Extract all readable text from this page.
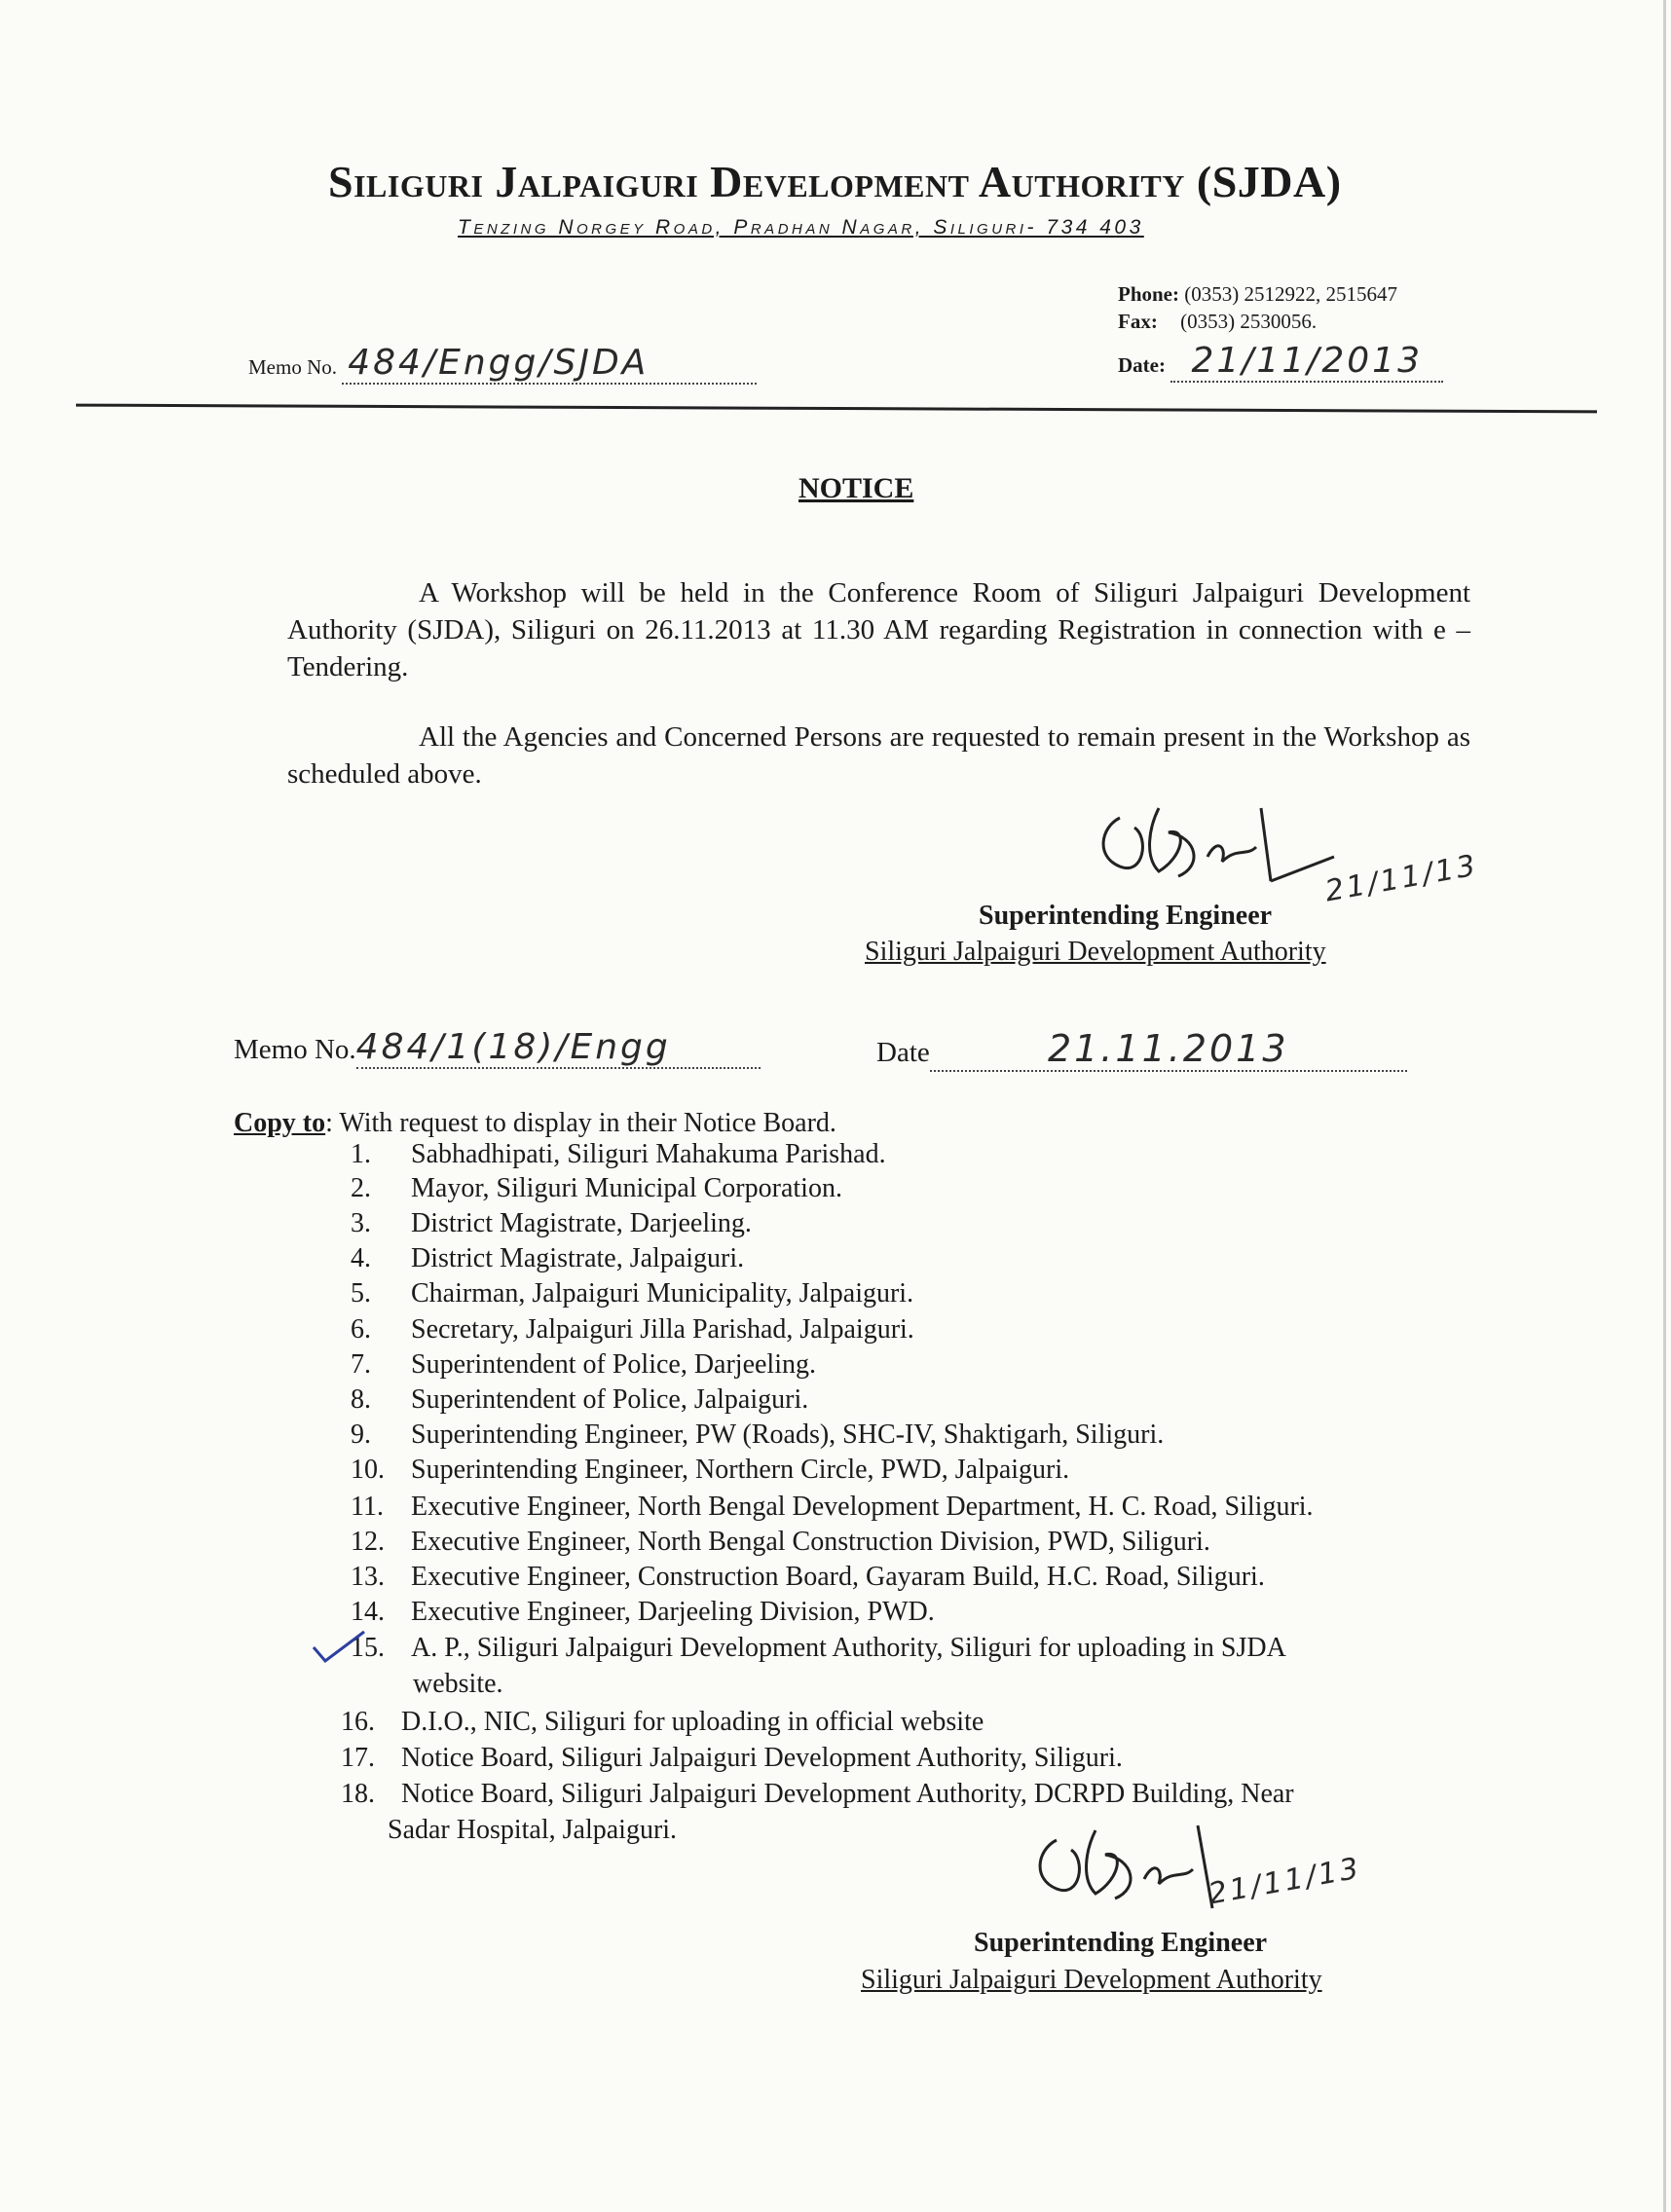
Siliguri Jalpaiguri Development Authority (SJDA)
Tenzing Norgey Road, Pradhan Nagar, Siliguri- 734 403
Phone: (0353) 2512922, 2515647
Fax: (0353) 2530056.
Memo No. 484/Engg/SJDA	Date: 21/11/2013
NOTICE
A Workshop will be held in the Conference Room of Siliguri Jalpaiguri Development Authority (SJDA), Siliguri on 26.11.2013 at 11.30 AM regarding Registration in connection with e – Tendering.
All the Agencies and Concerned Persons are requested to remain present in the Workshop as scheduled above.
21/11/13
Superintending Engineer
Siliguri Jalpaiguri Development Authority
Memo No.484/1(18)/Engg	Date	21.11.2013
Copy to: With request to display in their Notice Board.
1. Sabhadhipati, Siliguri Mahakuma Parishad.
2. Mayor, Siliguri Municipal Corporation.
3. District Magistrate, Darjeeling.
4. District Magistrate, Jalpaiguri.
5. Chairman, Jalpaiguri Municipality, Jalpaiguri.
6. Secretary, Jalpaiguri Jilla Parishad, Jalpaiguri.
7. Superintendent of Police, Darjeeling.
8. Superintendent of Police, Jalpaiguri.
9. Superintending Engineer, PW (Roads), SHC-IV, Shaktigarh, Siliguri.
10. Superintending Engineer, Northern Circle, PWD, Jalpaiguri.
11. Executive Engineer, North Bengal Development Department, H. C. Road, Siliguri.
12. Executive Engineer, North Bengal Construction Division, PWD, Siliguri.
13. Executive Engineer, Construction Board, Gayaram Build, H.C. Road, Siliguri.
14. Executive Engineer, Darjeeling Division, PWD.
15. A. P., Siliguri Jalpaiguri Development Authority, Siliguri for uploading in SJDA
website.
16. D.I.O., NIC, Siliguri for uploading in official website
17. Notice Board, Siliguri Jalpaiguri Development Authority, Siliguri.
18. Notice Board, Siliguri Jalpaiguri Development Authority, DCRPD Building, Near
Sadar Hospital, Jalpaiguri.
21/11/13
Superintending Engineer
Siliguri Jalpaiguri Development Authority
